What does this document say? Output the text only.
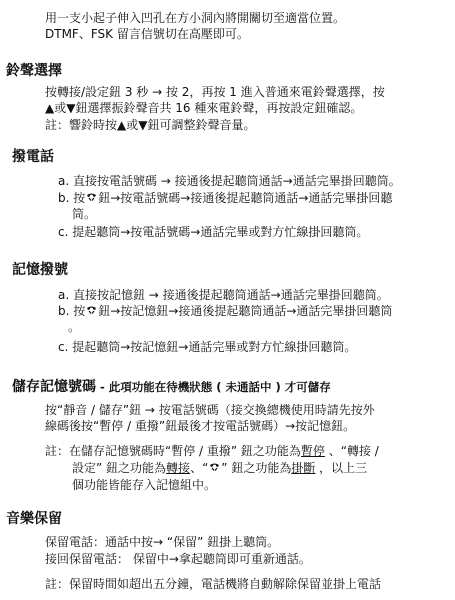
用一支小起子伸入凹孔在方小洞內將開關切至適當位置。
DTMF、FSK 留言信號切在高壓即可。
鈴聲選擇
按轉接/設定鈕 3 秒 → 按 2，再按 1 進入普通來電鈴聲選擇，按
▲或▼鈕選擇振鈴聲音共 16 種來電鈴聲，再按設定鈕確認。
註：響鈴時按▲或▼鈕可調整鈴聲音量。
撥電話
a. 直接按電話號碼 → 接通後提起聽筒通話→通話完畢掛回聽筒。
b. 按 鈕→按電話號碼→接通後提起聽筒通話→通話完畢掛回聽
筒。
c. 提起聽筒→按電話號碼→通話完畢或對方忙線掛回聽筒。
記憶撥號
a. 直接按記憶鈕 → 接通後提起聽筒通話→通話完畢掛回聽筒。
b. 按 鈕→按記憶鈕→接通後提起聽筒通話→通話完畢掛回聽筒
。
c. 提起聽筒→按記憶鈕→通話完畢或對方忙線掛回聽筒。
儲存記憶號碼 - 此項功能在待機狀態 ( 未通話中 ) 才可儲存
按“靜音 / 儲存”鈕 → 按電話號碼（接交換總機使用時請先按外
線碼後按“暫停 / 重撥”鈕最後才按電話號碼）→按記憶鈕。
註：在儲存記憶號碼時“暫停 / 重撥” 鈕之功能為暫停 、“轉接 /
設定” 鈕之功能為轉接、“ ” 鈕之功能為掛斷 ，以上三
個功能皆能存入記憶組中。
音樂保留
保留電話：通話中按→ “保留” 鈕掛上聽筒。
接回保留電話： 保留中→拿起聽筒即可重新通話。
註：保留時間如超出五分鐘，電話機將自動解除保留並掛上電話
